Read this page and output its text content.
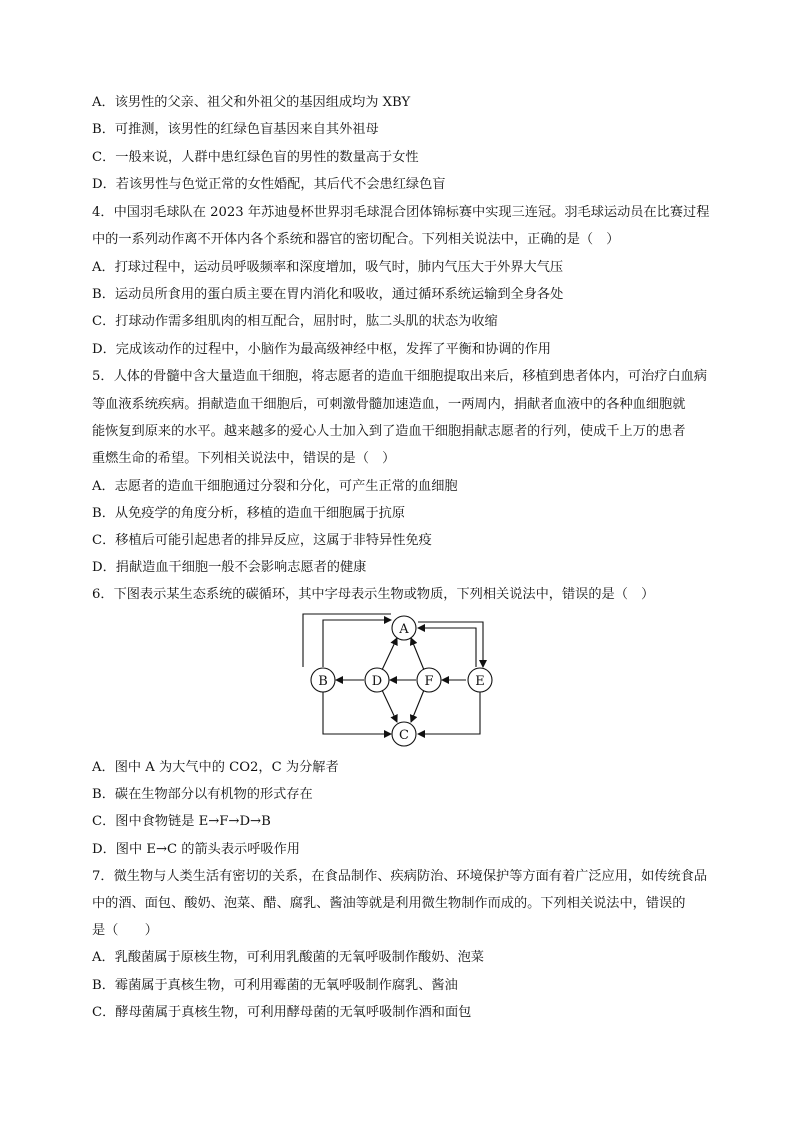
A．该男性的父亲、祖父和外祖父的基因组成均为 XBY
B．可推测，该男性的红绿色盲基因来自其外祖母
C．一般来说，人群中患红绿色盲的男性的数量高于女性
D．若该男性与色觉正常的女性婚配，其后代不会患红绿色盲
4．中国羽毛球队在 2023 年苏迪曼杯世界羽毛球混合团体锦标赛中实现三连冠。羽毛球运动员在比赛过程
中的一系列动作离不开体内各个系统和器官的密切配合。下列相关说法中，正确的是（　）
A．打球过程中，运动员呼吸频率和深度增加，吸气时，肺内气压大于外界大气压
B．运动员所食用的蛋白质主要在胃内消化和吸收，通过循环系统运输到全身各处
C．打球动作需多组肌肉的相互配合，屈肘时，肱二头肌的状态为收缩
D．完成该动作的过程中，小脑作为最高级神经中枢，发挥了平衡和协调的作用
5．人体的骨髓中含大量造血干细胞，将志愿者的造血干细胞提取出来后，移植到患者体内，可治疗白血病
等血液系统疾病。捐献造血干细胞后，可刺激骨髓加速造血，一两周内，捐献者血液中的各种血细胞就
能恢复到原来的水平。越来越多的爱心人士加入到了造血干细胞捐献志愿者的行列，使成千上万的患者
重燃生命的希望。下列相关说法中，错误的是（　）
A．志愿者的造血干细胞通过分裂和分化，可产生正常的血细胞
B．从免疫学的角度分析，移植的造血干细胞属于抗原
C．移植后可能引起患者的排异反应，这属于非特异性免疫
D．捐献造血干细胞一般不会影响志愿者的健康
6．下图表示某生态系统的碳循环，其中字母表示生物或物质，下列相关说法中，错误的是（　）
A
B	D	F	E
C
A．图中 A 为大气中的 CO2，C 为分解者
B．碳在生物部分以有机物的形式存在
C．图中食物链是 E→F→D→B
D．图中 E→C 的箭头表示呼吸作用
7．微生物与人类生活有密切的关系，在食品制作、疾病防治、环境保护等方面有着广泛应用，如传统食品
中的酒、面包、酸奶、泡菜、醋、腐乳、酱油等就是利用微生物制作而成的。下列相关说法中，错误的
是（　　）
A．乳酸菌属于原核生物，可利用乳酸菌的无氧呼吸制作酸奶、泡菜
B．霉菌属于真核生物，可利用霉菌的无氧呼吸制作腐乳、酱油
C．酵母菌属于真核生物，可利用酵母菌的无氧呼吸制作酒和面包
